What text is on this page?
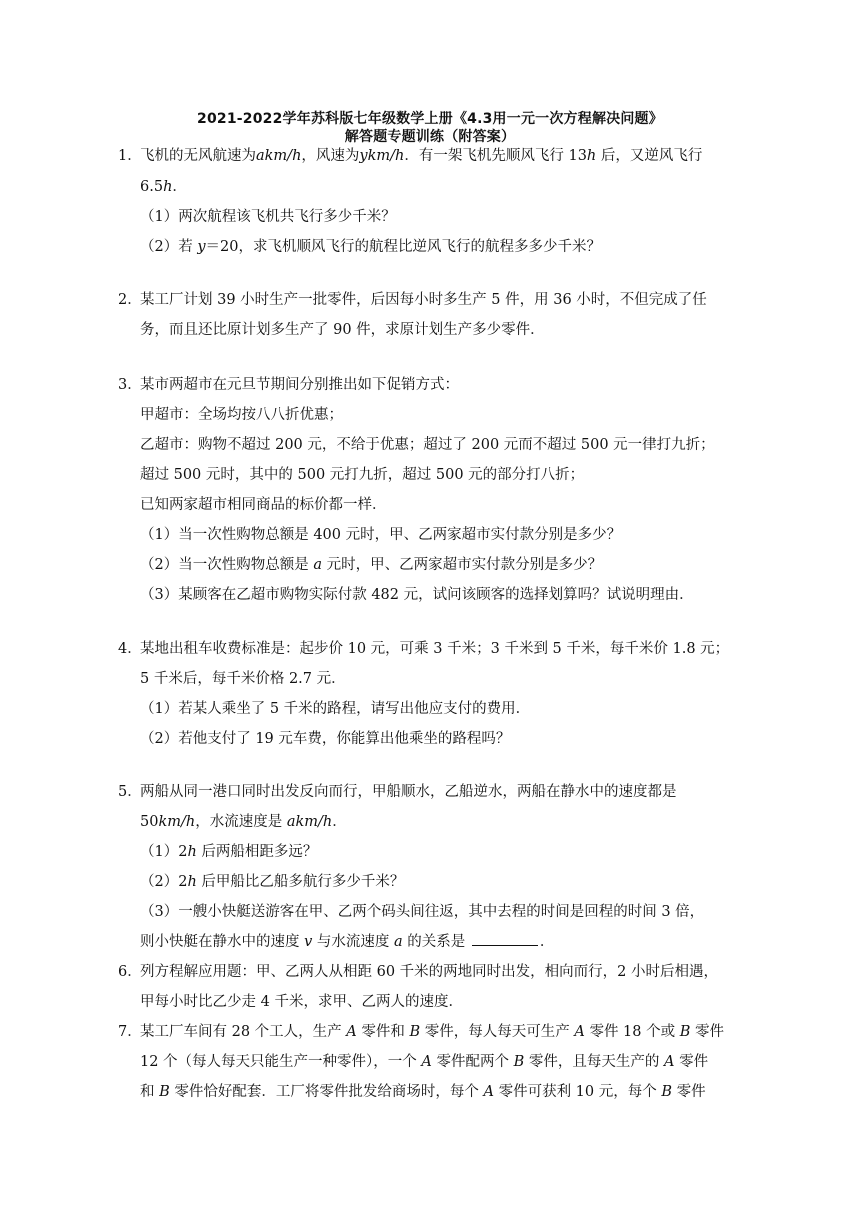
2021-2022学年苏科版七年级数学上册《4.3用一元一次方程解决问题》
解答题专题训练（附答案）
1．
飞机的无风航速为akm/h，风速为ykm/h．有一架飞机先顺风飞行 13h 后，又逆风飞行
6.5h．
（1）两次航程该飞机共飞行多少千米？
（2）若 y＝20，求飞机顺风飞行的航程比逆风飞行的航程多多少千米？
2．
某工厂计划 39 小时生产一批零件，后因每小时多生产 5 件，用 36 小时，不但完成了任
务，而且还比原计划多生产了 90 件，求原计划生产多少零件．
3．
某市两超市在元旦节期间分别推出如下促销方式：
甲超市：全场均按八八折优惠；
乙超市：购物不超过 200 元，不给于优惠；超过了 200 元而不超过 500 元一律打九折；
超过 500 元时，其中的 500 元打九折，超过 500 元的部分打八折；
已知两家超市相同商品的标价都一样．
（1）当一次性购物总额是 400 元时，甲、乙两家超市实付款分别是多少？
（2）当一次性购物总额是 a 元时，甲、乙两家超市实付款分别是多少？
（3）某顾客在乙超市购物实际付款 482 元，试问该顾客的选择划算吗？试说明理由．
4．
某地出租车收费标准是：起步价 10 元，可乘 3 千米；3 千米到 5 千米，每千米价 1.8 元；
5 千米后，每千米价格 2.7 元．
（1）若某人乘坐了 5 千米的路程，请写出他应支付的费用．
（2）若他支付了 19 元车费，你能算出他乘坐的路程吗？
5．
两船从同一港口同时出发反向而行，甲船顺水，乙船逆水，两船在静水中的速度都是
50km/h，水流速度是 akm/h．
（1）2h 后两船相距多远？
（2）2h 后甲船比乙船多航行多少千米？
（3）一艘小快艇送游客在甲、乙两个码头间往返，其中去程的时间是回程的时间 3 倍，
则小快艇在静水中的速度 v 与水流速度 a 的关系是	．
6．
列方程解应用题：甲、乙两人从相距 60 千米的两地同时出发，相向而行，2 小时后相遇，
甲每小时比乙少走 4 千米，求甲、乙两人的速度．
7．
某工厂车间有 28 个工人，生产 A 零件和 B 零件，每人每天可生产 A 零件 18 个或 B 零件
12 个（每人每天只能生产一种零件），一个 A 零件配两个 B 零件，且每天生产的 A 零件
和 B 零件恰好配套．工厂将零件批发给商场时，每个 A 零件可获利 10 元，每个 B 零件
